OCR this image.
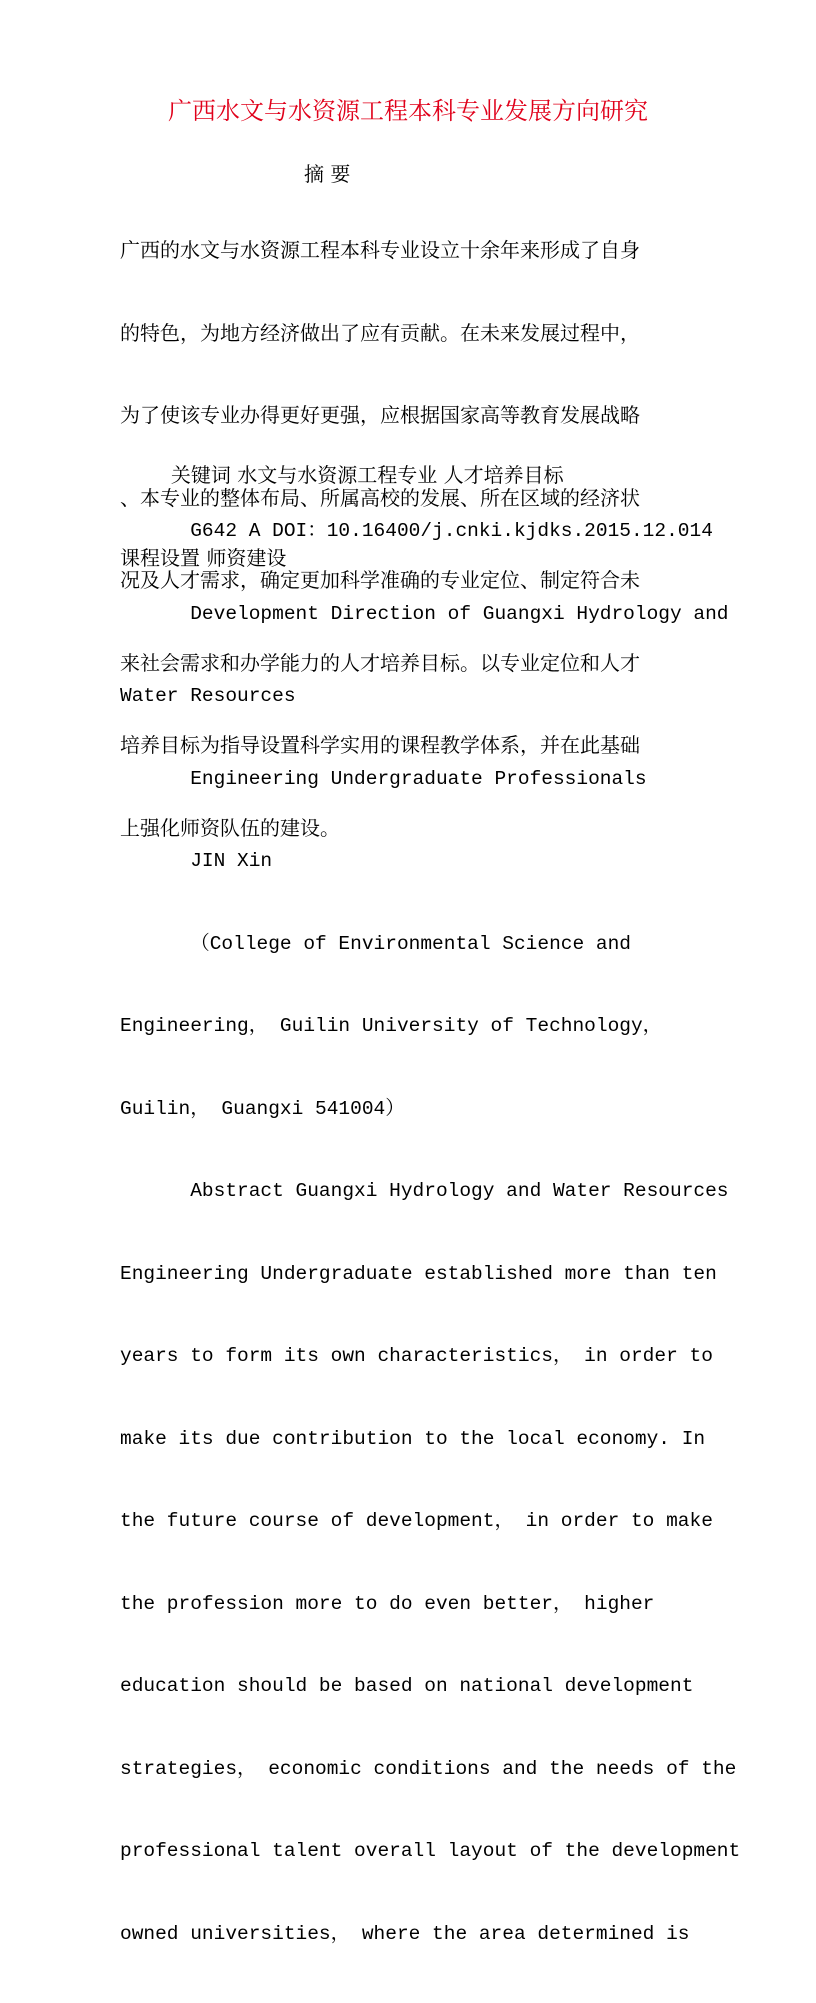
广西水文与水资源工程本科专业发展方向研究
摘 要

广西的水文与水资源工程本科专业设立十余年来形成了自身

的特色，为地方经济做出了应有贡献。在未来发展过程中，

为了使该专业办得更好更强，应根据国家高等教育发展战略

、本专业的整体布局、所属高校的发展、所在区域的经济状

况及人才需求，确定更加科学准确的专业定位、制定符合未

来社会需求和办学能力的人才培养目标。以专业定位和人才

培养目标为指导设置科学实用的课程教学体系，并在此基础

上强化师资队伍的建设。

关键词 水文与水资源工程专业 人才培养目标

课程设置 师资建设

G642 A DOI：10.16400/j.cnki.kjdks.2015.12.014

Development Direction of Guangxi Hydrology and

Water Resources

Engineering Undergraduate Professionals

JIN Xin

（College of Environmental Science and

Engineering， Guilin University of Technology，

Guilin， Guangxi 541004）

Abstract Guangxi Hydrology and Water Resources

Engineering Undergraduate established more than ten

years to form its own characteristics， in order to

make its due contribution to the local economy. In

the future course of development， in order to make

the profession more to do even better， higher

education should be based on national development

strategies， economic conditions and the needs of the

professional talent overall layout of the development

owned universities， where the area determined is
